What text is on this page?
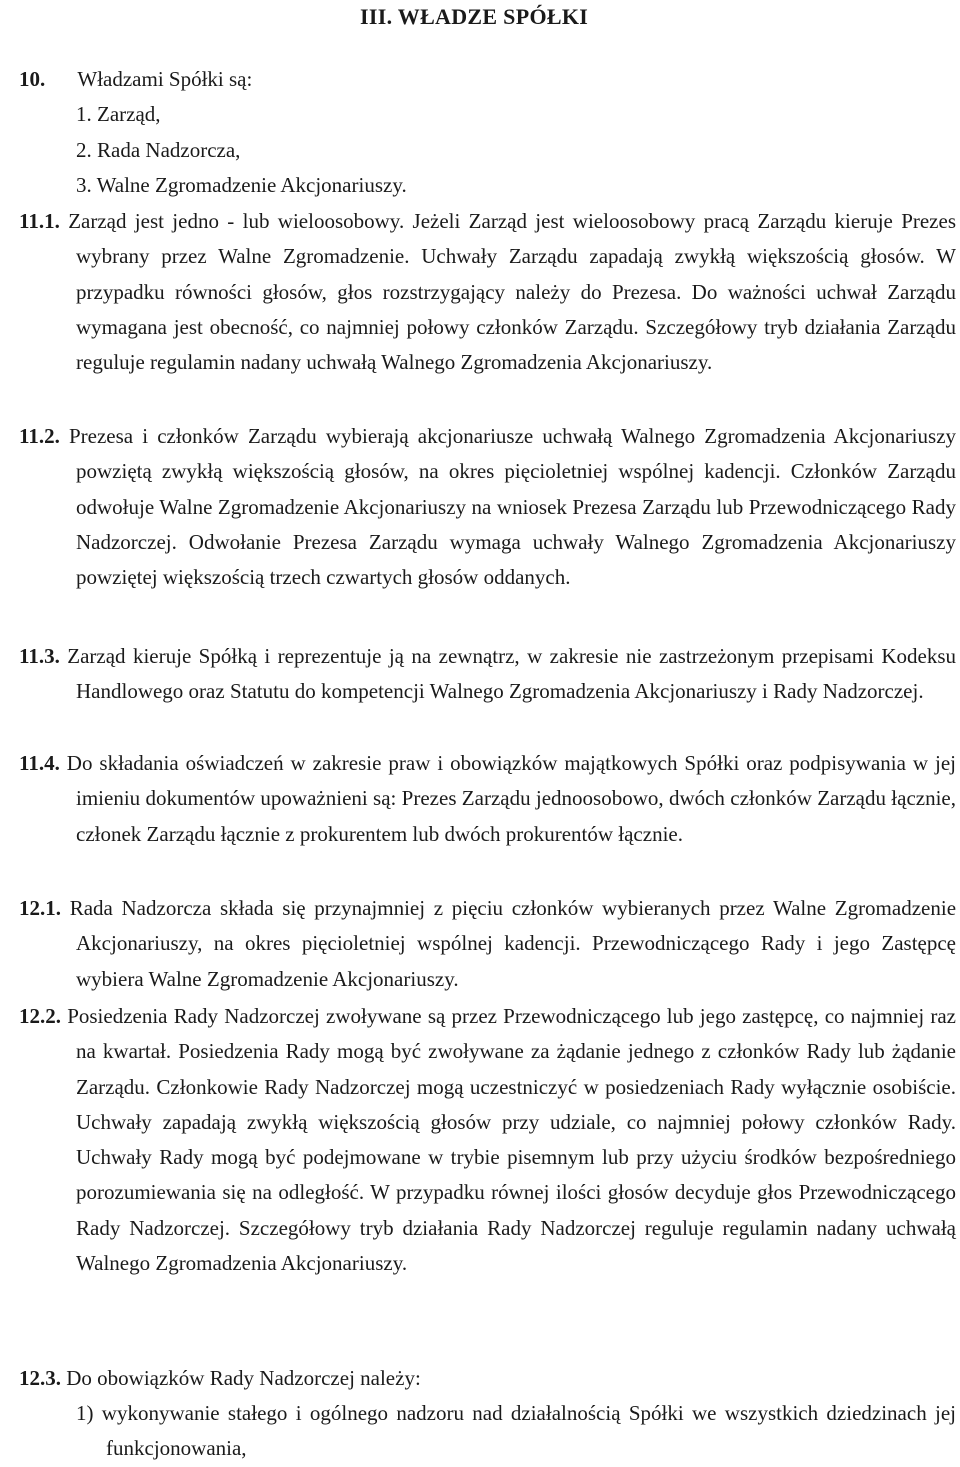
III. WŁADZE SPÓŁKI
10. Władzami Spółki są:
1. Zarząd,
2. Rada Nadzorcza,
3. Walne Zgromadzenie Akcjonariuszy.
11.1. Zarząd jest jedno - lub wieloosobowy. Jeżeli Zarząd jest wieloosobowy pracą Zarządu kieruje Prezes wybrany przez Walne Zgromadzenie. Uchwały Zarządu zapadają zwykłą większością głosów. W przypadku równości głosów, głos rozstrzygający należy do Prezesa. Do ważności uchwał Zarządu wymagana jest obecność, co najmniej połowy członków Zarządu. Szczegółowy tryb działania Zarządu reguluje regulamin nadany uchwałą Walnego Zgromadzenia Akcjonariuszy.
11.2. Prezesa i członków Zarządu wybierają akcjonariusze uchwałą Walnego Zgromadzenia Akcjonariuszy powziętą zwykłą większością głosów, na okres pięcioletniej wspólnej kadencji. Członków Zarządu odwołuje Walne Zgromadzenie Akcjonariuszy na wniosek Prezesa Zarządu lub Przewodniczącego Rady Nadzorczej. Odwołanie Prezesa Zarządu wymaga uchwały Walnego Zgromadzenia Akcjonariuszy powziętej większością trzech czwartych głosów oddanych.
11.3. Zarząd kieruje Spółką i reprezentuje ją na zewnątrz, w zakresie nie zastrzeżonym przepisami Kodeksu Handlowego oraz Statutu do kompetencji Walnego Zgromadzenia Akcjonariuszy i Rady Nadzorczej.
11.4. Do składania oświadczeń w zakresie praw i obowiązków majątkowych Spółki oraz podpisywania w jej imieniu dokumentów upoważnieni są: Prezes Zarządu jednoosobowo, dwóch członków Zarządu łącznie, członek Zarządu łącznie z prokurentem lub dwóch prokurentów łącznie.
12.1. Rada Nadzorcza składa się przynajmniej z pięciu członków wybieranych przez Walne Zgromadzenie Akcjonariuszy, na okres pięcioletniej wspólnej kadencji. Przewodniczącego Rady i jego Zastępcę wybiera Walne Zgromadzenie Akcjonariuszy.
12.2. Posiedzenia Rady Nadzorczej zwoływane są przez Przewodniczącego lub jego zastępcę, co najmniej raz na kwartał. Posiedzenia Rady mogą być zwoływane za żądanie jednego z członków Rady lub żądanie Zarządu. Członkowie Rady Nadzorczej mogą uczestniczyć w posiedzeniach Rady wyłącznie osobiście. Uchwały zapadają zwykłą większością głosów przy udziale, co najmniej połowy członków Rady. Uchwały Rady mogą być podejmowane w trybie pisemnym lub przy użyciu środków bezpośredniego porozumiewania się na odległość. W przypadku równej ilości głosów decyduje głos Przewodniczącego Rady Nadzorczej. Szczegółowy tryb działania Rady Nadzorczej reguluje regulamin nadany uchwałą Walnego Zgromadzenia Akcjonariuszy.
12.3. Do obowiązków Rady Nadzorczej należy:
1) wykonywanie stałego i ogólnego nadzoru nad działalnością Spółki we wszystkich dziedzinach jej funkcjonowania,
